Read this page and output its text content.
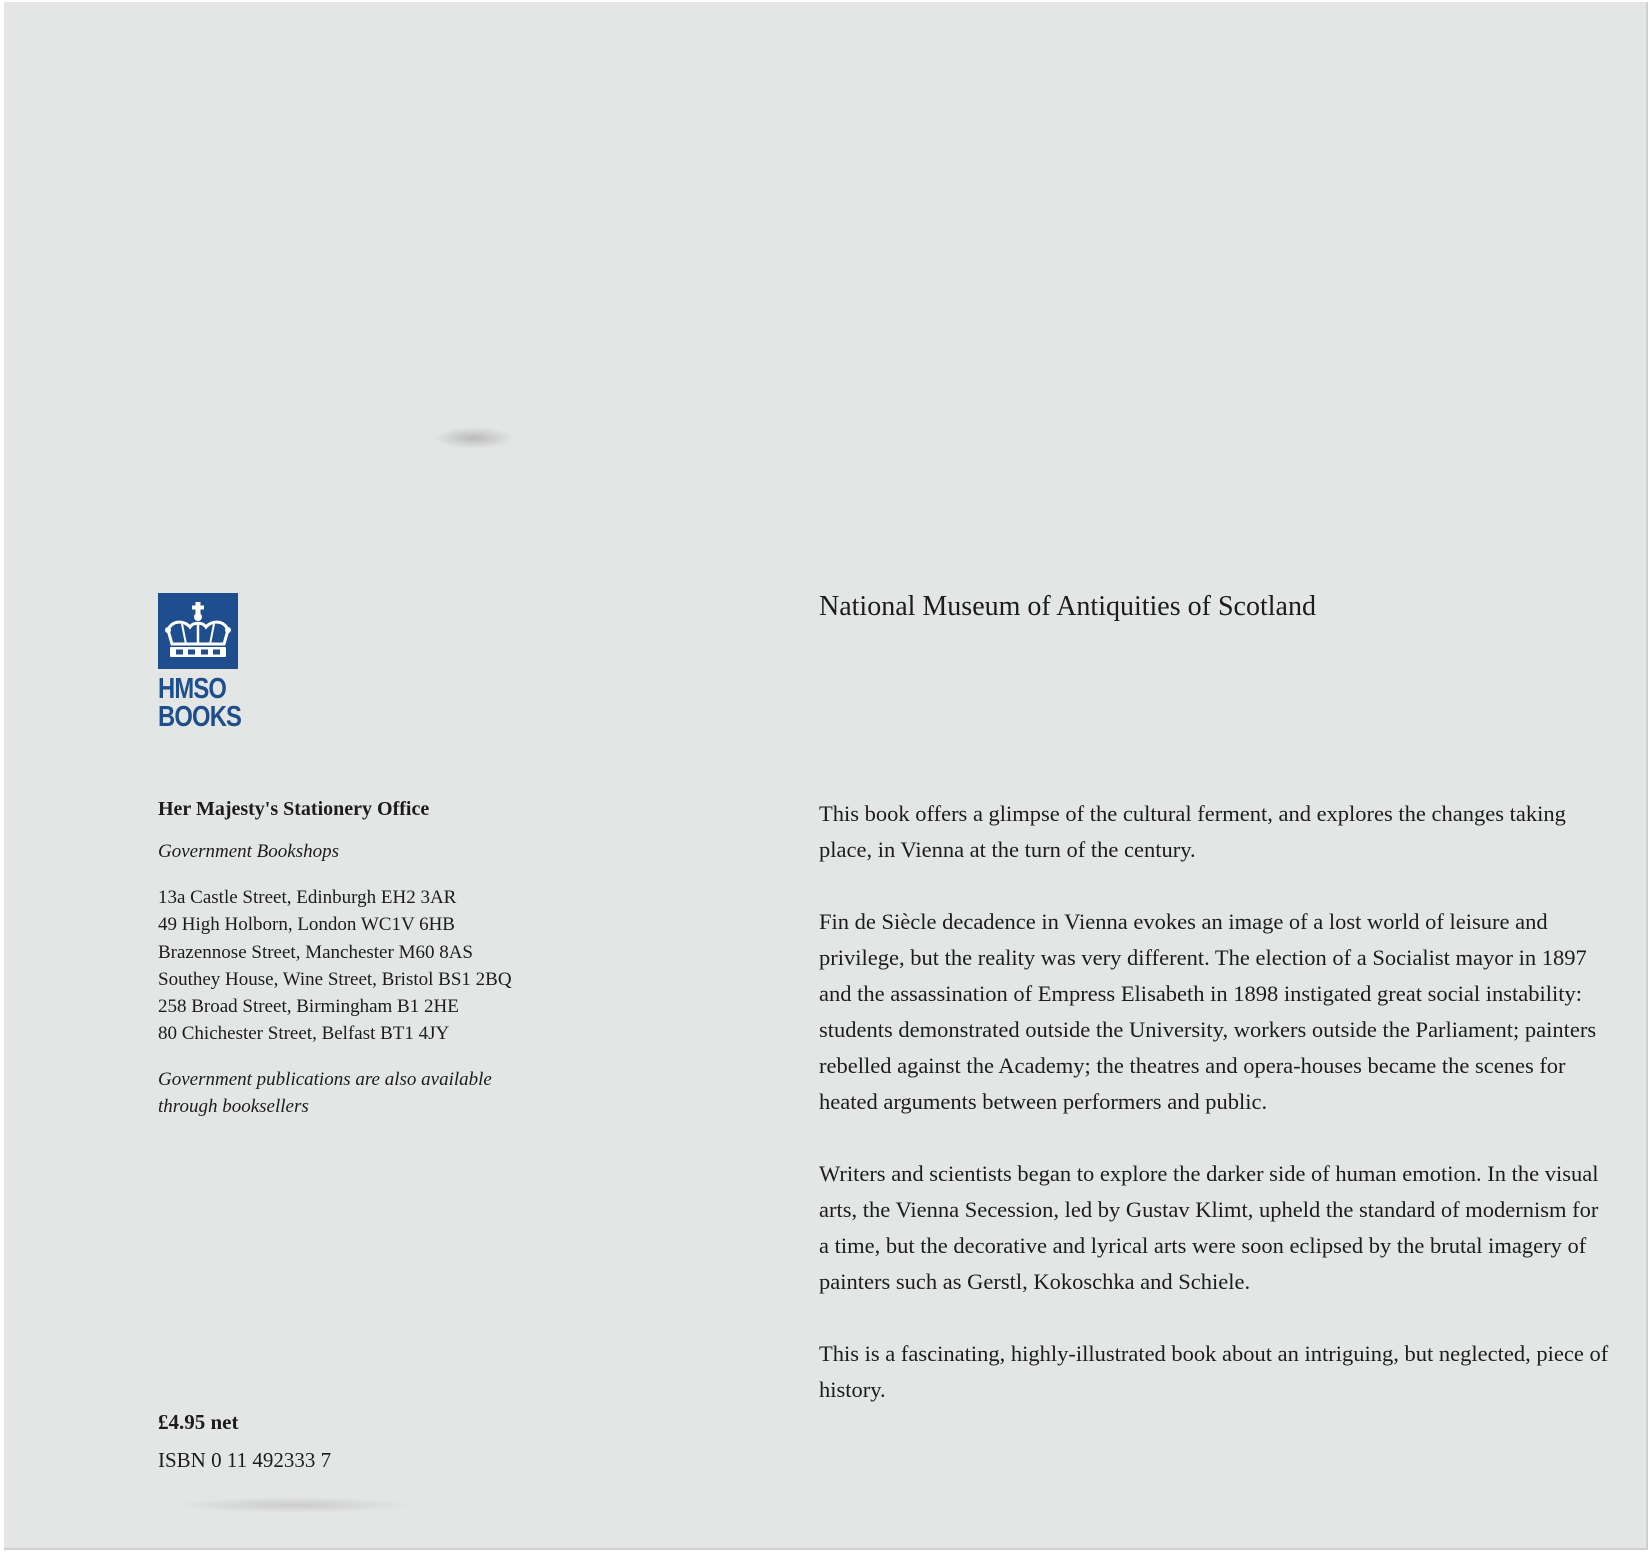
HMSO
BOOKS
Her Majesty's Stationery Office
Government Bookshops
13a Castle Street, Edinburgh EH2 3AR
49 High Holborn, London WC1V 6HB
Brazennose Street, Manchester M60 8AS
Southey House, Wine Street, Bristol BS1 2BQ
258 Broad Street, Birmingham B1 2HE
80 Chichester Street, Belfast BT1 4JY
Government publications are also available through booksellers
£4.95 net
ISBN 0 11 492333 7
National Museum of Antiquities of Scotland

This book offers a glimpse of the cultural ferment, and explores the changes taking place, in Vienna at the turn of the century.

Fin de Siècle decadence in Vienna evokes an image of a lost world of leisure and privilege, but the reality was very different. The election of a Socialist mayor in 1897 and the assassination of Empress Elisabeth in 1898 instigated great social instability: students demonstrated outside the University, workers outside the Parliament; painters rebelled against the Academy; the theatres and opera-houses became the scenes for heated arguments between performers and public.

Writers and scientists began to explore the darker side of human emotion. In the visual arts, the Vienna Secession, led by Gustav Klimt, upheld the standard of modernism for a time, but the decorative and lyrical arts were soon eclipsed by the brutal imagery of painters such as Gerstl, Kokoschka and Schiele.

This is a fascinating, highly-illustrated book about an intriguing, but neglected, piece of history.
